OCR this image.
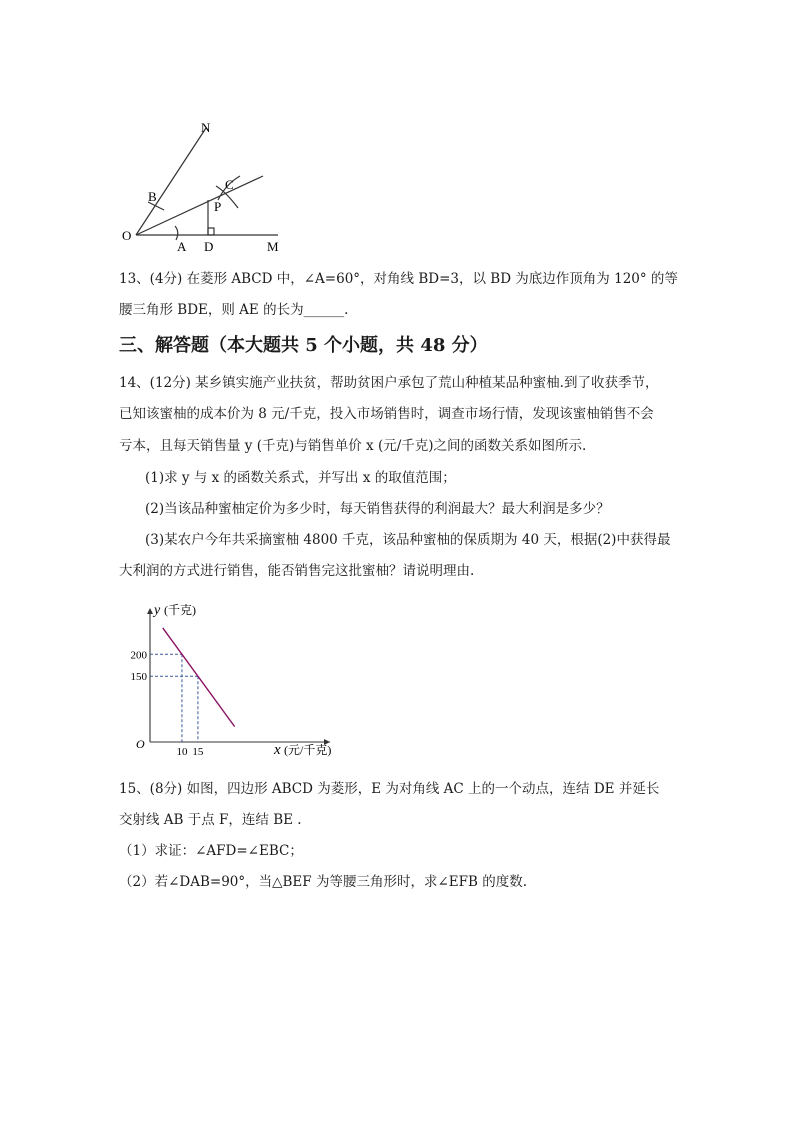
N
B
C
P
O
A D	M
13、(4分) 在菱形 ABCD 中，∠A=60°，对角线 BD=3，以 BD 为底边作顶角为 120° 的等
腰三角形 BDE，则 AE 的长为______.
三、解答题（本大题共 5 个小题，共 48 分）
14、(12分) 某乡镇实施产业扶贫，帮助贫困户承包了荒山种植某品种蜜柚.到了收获季节，
已知该蜜柚的成本价为 8 元/千克，投入市场销售时，调查市场行情，发现该蜜柚销售不会
亏本，且每天销售量 y (千克)与销售单价 x (元/千克)之间的函数关系如图所示.
(1)求 y 与 x 的函数关系式，并写出 x 的取值范围；
(2)当该品种蜜柚定价为多少时，每天销售获得的利润最大？最大利润是多少？
(3)某农户今年共采摘蜜柚 4800 千克，该品种蜜柚的保质期为 40 天，根据(2)中获得最
大利润的方式进行销售，能否销售完这批蜜柚？请说明理由.
y (千克)
x (元/千克)
O
200
10
150
15
15、(8分) 如图，四边形 ABCD 为菱形，E 为对角线 AC 上的一个动点，连结 DE 并延长
交射线 AB 于点 F，连结 BE .
（1）求证：∠AFD=∠EBC；
（2）若∠DAB=90°，当△BEF 为等腰三角形时，求∠EFB 的度数.
